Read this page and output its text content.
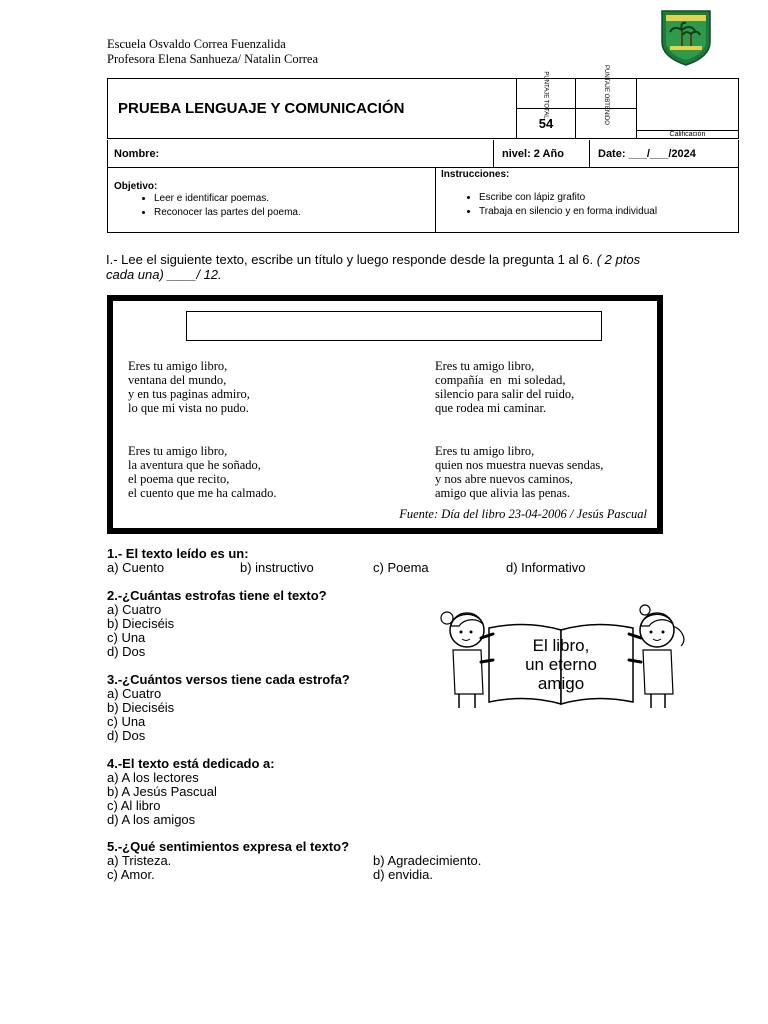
Escuela Osvaldo Correa Fuenzalida
Profesora Elena Sanhueza/ Natalin Correa
PRUEBA LENGUAJE Y COMUNICACIÓN	PUNTAJE TOTAL	PUNTAJE OBTENIDO	
	54		
			Calificación
Nombre:	nivel: 2 Año	Date: ___/___/2024
Objetivo:
• Leer e identificar poemas.
• Reconocer las partes del poema.
Instrucciones:
• Escribe con lápiz grafito
• Trabaja en silencio y en forma individual
I.- Lee el siguiente texto, escribe un título y luego responde desde la pregunta 1 al 6. ( 2 ptos cada una) ____/ 12.
Eres tu amigo libro,
ventana del mundo,
y en tus paginas admiro,
lo que mi vista no pudo.
Eres tu amigo libro,
compañía  en  mi soledad,
silencio para salir del ruido,
que rodea mi caminar.
Eres tu amigo libro,
la aventura que he soñado,
el poema que recito,
el cuento que me ha calmado.
Eres tu amigo libro,
quien nos muestra nuevas sendas,
y nos abre nuevos caminos,
amigo que alivia las penas.
Fuente: Día del libro 23-04-2006 / Jesús Pascual
1.- El texto leído es un:
a) Cuento	b) instructivo	c) Poema	d) Informativo
2.-¿Cuántas estrofas tiene el texto?
a) Cuatro
b) Dieciséis
c) Una
d) Dos
3.-¿Cuántos versos tiene cada estrofa?
a) Cuatro
b) Dieciséis
c) Una
d) Dos
4.-El texto está dedicado a:
a) A los lectores
b) A Jesús Pascual
c) Al libro
d) A los amigos
5.-¿Qué sentimientos expresa el texto?
a) Tristeza.	b) Agradecimiento.
c) Amor.	d) envidia.
El libro,
un eterno
amigo
